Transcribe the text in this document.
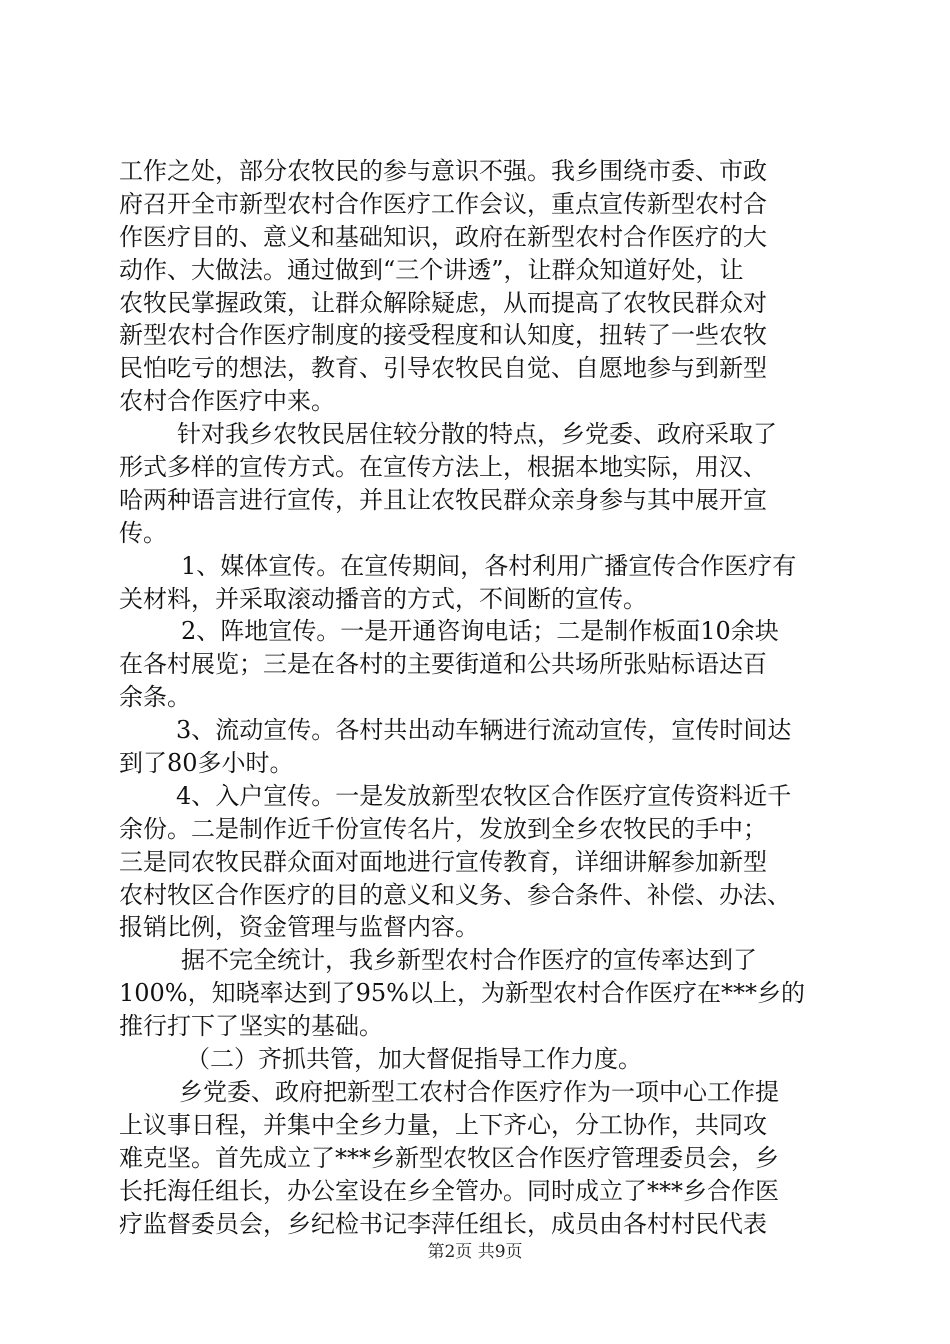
工作之处，部分农牧民的参与意识不强。我乡围绕市委、市政
府召开全市新型农村合作医疗工作会议，重点宣传新型农村合
作医疗目的、意义和基础知识，政府在新型农村合作医疗的大
动作、大做法。通过做到“三个讲透”，让群众知道好处，让
农牧民掌握政策，让群众解除疑虑，从而提高了农牧民群众对
新型农村合作医疗制度的接受程度和认知度，扭转了一些农牧
民怕吃亏的想法，教育、引导农牧民自觉、自愿地参与到新型
农村合作医疗中来。
针对我乡农牧民居住较分散的特点，乡党委、政府采取了
形式多样的宣传方式。在宣传方法上，根据本地实际，用汉、
哈两种语言进行宣传，并且让农牧民群众亲身参与其中展开宣
传。
1、媒体宣传。在宣传期间，各村利用广播宣传合作医疗有
关材料，并采取滚动播音的方式，不间断的宣传。
2、阵地宣传。一是开通咨询电话；二是制作板面10余块
在各村展览；三是在各村的主要街道和公共场所张贴标语达百
余条。
3、流动宣传。各村共出动车辆进行流动宣传，宣传时间达
到了80多小时。
4、入户宣传。一是发放新型农牧区合作医疗宣传资料近千
余份。二是制作近千份宣传名片，发放到全乡农牧民的手中；
三是同农牧民群众面对面地进行宣传教育，详细讲解参加新型
农村牧区合作医疗的目的意义和义务、参合条件、补偿、办法、
报销比例，资金管理与监督内容。
据不完全统计，我乡新型农村合作医疗的宣传率达到了
100%，知晓率达到了95%以上，为新型农村合作医疗在***乡的
推行打下了坚实的基础。
（二）齐抓共管，加大督促指导工作力度。
乡党委、政府把新型工农村合作医疗作为一项中心工作提
上议事日程，并集中全乡力量，上下齐心，分工协作，共同攻
难克坚。首先成立了***乡新型农牧区合作医疗管理委员会，乡
长托海任组长，办公室设在乡全管办。同时成立了***乡合作医
疗监督委员会，乡纪检书记李萍任组长，成员由各村村民代表
第2页 共9页
